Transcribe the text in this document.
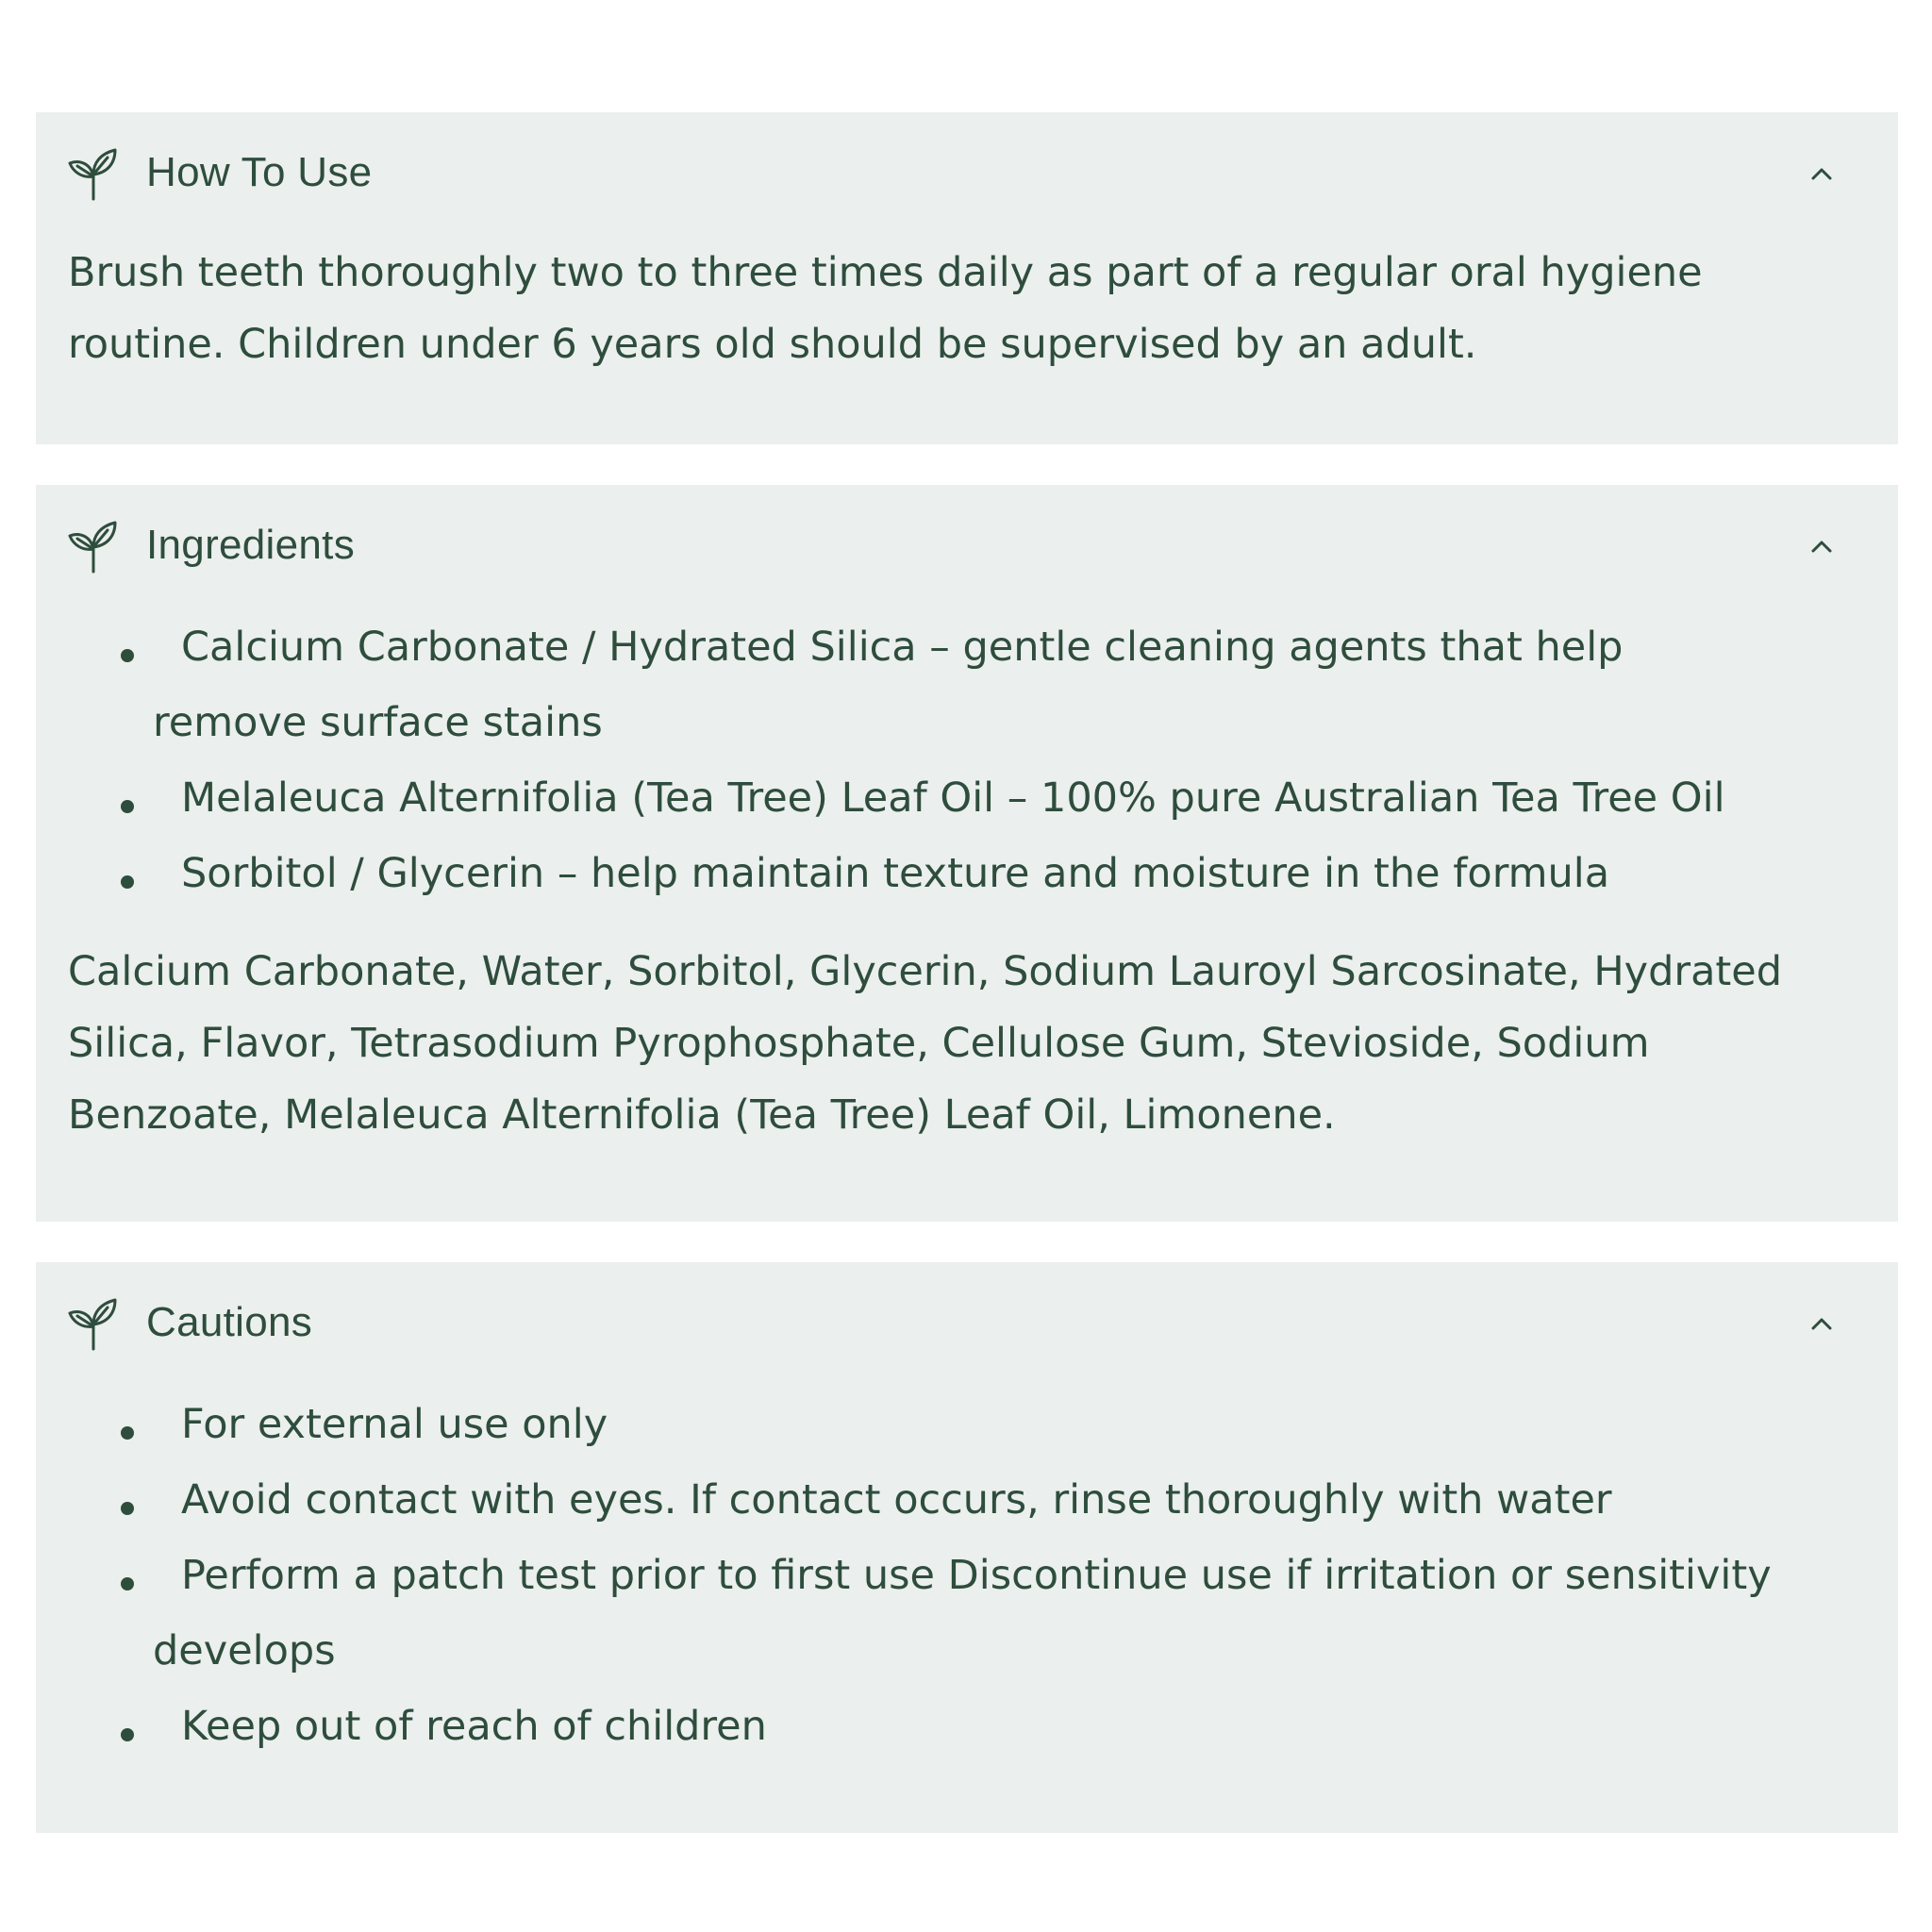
How To Use

Brush teeth thoroughly two to three times daily as part of a regular oral hygiene routine. Children under 6 years old should be supervised by an adult.

Ingredients
Calcium Carbonate / Hydrated Silica – gentle cleaning agents that help remove surface stains
Melaleuca Alternifolia (Tea Tree) Leaf Oil – 100% pure Australian Tea Tree Oil
Sorbitol / Glycerin – help maintain texture and moisture in the formula

Calcium Carbonate, Water, Sorbitol, Glycerin, Sodium Lauroyl Sarcosinate, Hydrated Silica, Flavor, Tetrasodium Pyrophosphate, Cellulose Gum, Stevioside, Sodium Benzoate, Melaleuca Alternifolia (Tea Tree) Leaf Oil, Limonene.

Cautions
For external use only
Avoid contact with eyes. If contact occurs, rinse thoroughly with water
Perform a patch test prior to first use Discontinue use if irritation or sensitivity develops
Keep out of reach of children
